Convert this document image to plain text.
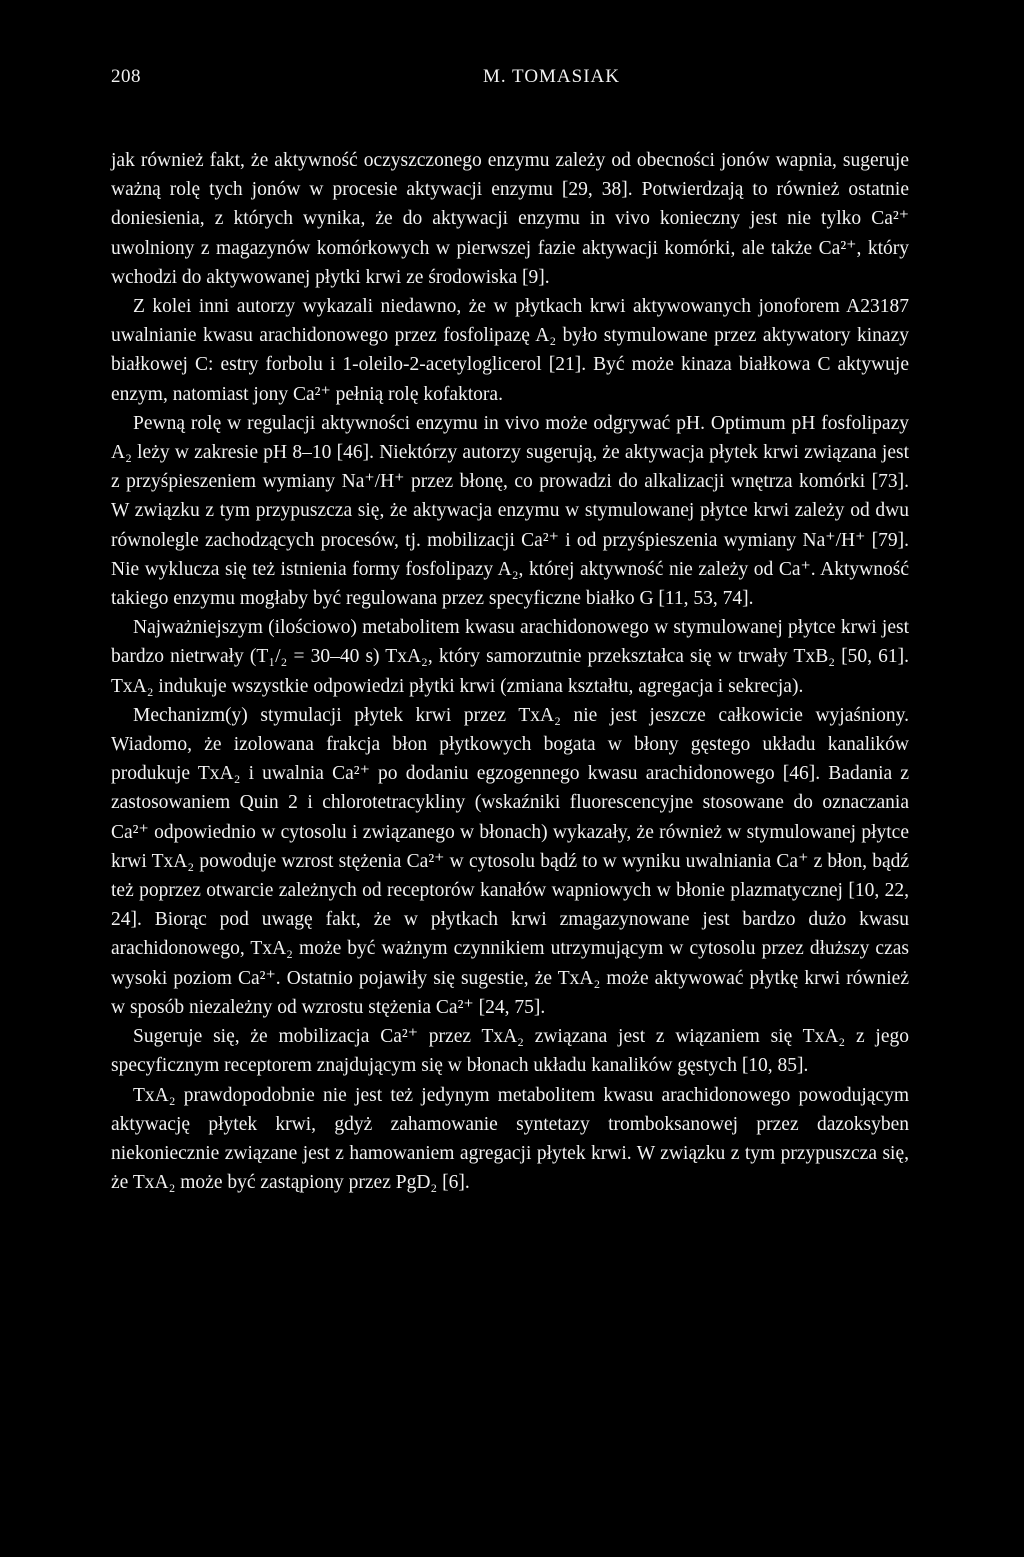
208	M. TOMASIAK

jak również fakt, że aktywność oczyszczonego enzymu zależy od obecności jonów wapnia, sugeruje ważną rolę tych jonów w procesie aktywacji enzymu [29, 38]. Potwierdzają to również ostatnie doniesienia, z których wynika, że do aktywacji enzymu in vivo konieczny jest nie tylko Ca²⁺ uwolniony z magazynów komórkowych w pierwszej fazie aktywacji komórki, ale także Ca²⁺, który wchodzi do aktywowanej płytki krwi ze środowiska [9].

Z kolei inni autorzy wykazali niedawno, że w płytkach krwi aktywowanych jonoforem A23187 uwalnianie kwasu arachidonowego przez fosfolipazę A₂ było stymulowane przez aktywatory kinazy białkowej C: estry forbolu i 1-oleilo-2-acetyloglicerol [21]. Być może kinaza białkowa C aktywuje enzym, natomiast jony Ca²⁺ pełnią rolę kofaktora.

Pewną rolę w regulacji aktywności enzymu in vivo może odgrywać pH. Optimum pH fosfolipazy A₂ leży w zakresie pH 8–10 [46]. Niektórzy autorzy sugerują, że aktywacja płytek krwi związana jest z przyśpieszeniem wymiany Na⁺/H⁺ przez błonę, co prowadzi do alkalizacji wnętrza komórki [73]. W związku z tym przypuszcza się, że aktywacja enzymu w stymulowanej płytce krwi zależy od dwu równolegle zachodzących procesów, tj. mobilizacji Ca²⁺ i od przyśpieszenia wymiany Na⁺/H⁺ [79]. Nie wyklucza się też istnienia formy fosfolipazy A₂, której aktywność nie zależy od Ca⁺. Aktywność takiego enzymu mogłaby być regulowana przez specyficzne białko G [11, 53, 74].

Najważniejszym (ilościowo) metabolitem kwasu arachidonowego w stymulowanej płytce krwi jest bardzo nietrwały (T₁/₂ = 30–40 s) TxA₂, który samorzutnie przekształca się w trwały TxB₂ [50, 61]. TxA₂ indukuje wszystkie odpowiedzi płytki krwi (zmiana kształtu, agregacja i sekrecja).

Mechanizm(y) stymulacji płytek krwi przez TxA₂ nie jest jeszcze całkowicie wyjaśniony. Wiadomo, że izolowana frakcja błon płytkowych bogata w błony gęstego układu kanalików produkuje TxA₂ i uwalnia Ca²⁺ po dodaniu egzogennego kwasu arachidonowego [46]. Badania z zastosowaniem Quin 2 i chlorotetracykliny (wskaźniki fluorescencyjne stosowane do oznaczania Ca²⁺ odpowiednio w cytosolu i związanego w błonach) wykazały, że również w stymulowanej płytce krwi TxA₂ powoduje wzrost stężenia Ca²⁺ w cytosolu bądź to w wyniku uwalniania Ca⁺ z błon, bądź też poprzez otwarcie zależnych od receptorów kanałów wapniowych w błonie plazmatycznej [10, 22, 24]. Biorąc pod uwagę fakt, że w płytkach krwi zmagazynowane jest bardzo dużo kwasu arachidonowego, TxA₂ może być ważnym czynnikiem utrzymującym w cytosolu przez dłuższy czas wysoki poziom Ca²⁺. Ostatnio pojawiły się sugestie, że TxA₂ może aktywować płytkę krwi również w sposób niezależny od wzrostu stężenia Ca²⁺ [24, 75].

Sugeruje się, że mobilizacja Ca²⁺ przez TxA₂ związana jest z wiązaniem się TxA₂ z jego specyficznym receptorem znajdującym się w błonach układu kanalików gęstych [10, 85].

TxA₂ prawdopodobnie nie jest też jedynym metabolitem kwasu arachidonowego powodującym aktywację płytek krwi, gdyż zahamowanie syntetazy tromboksanowej przez dazoksyben niekoniecznie związane jest z hamowaniem agregacji płytek krwi. W związku z tym przypuszcza się, że TxA₂ może być zastąpiony przez PgD₂ [6].
